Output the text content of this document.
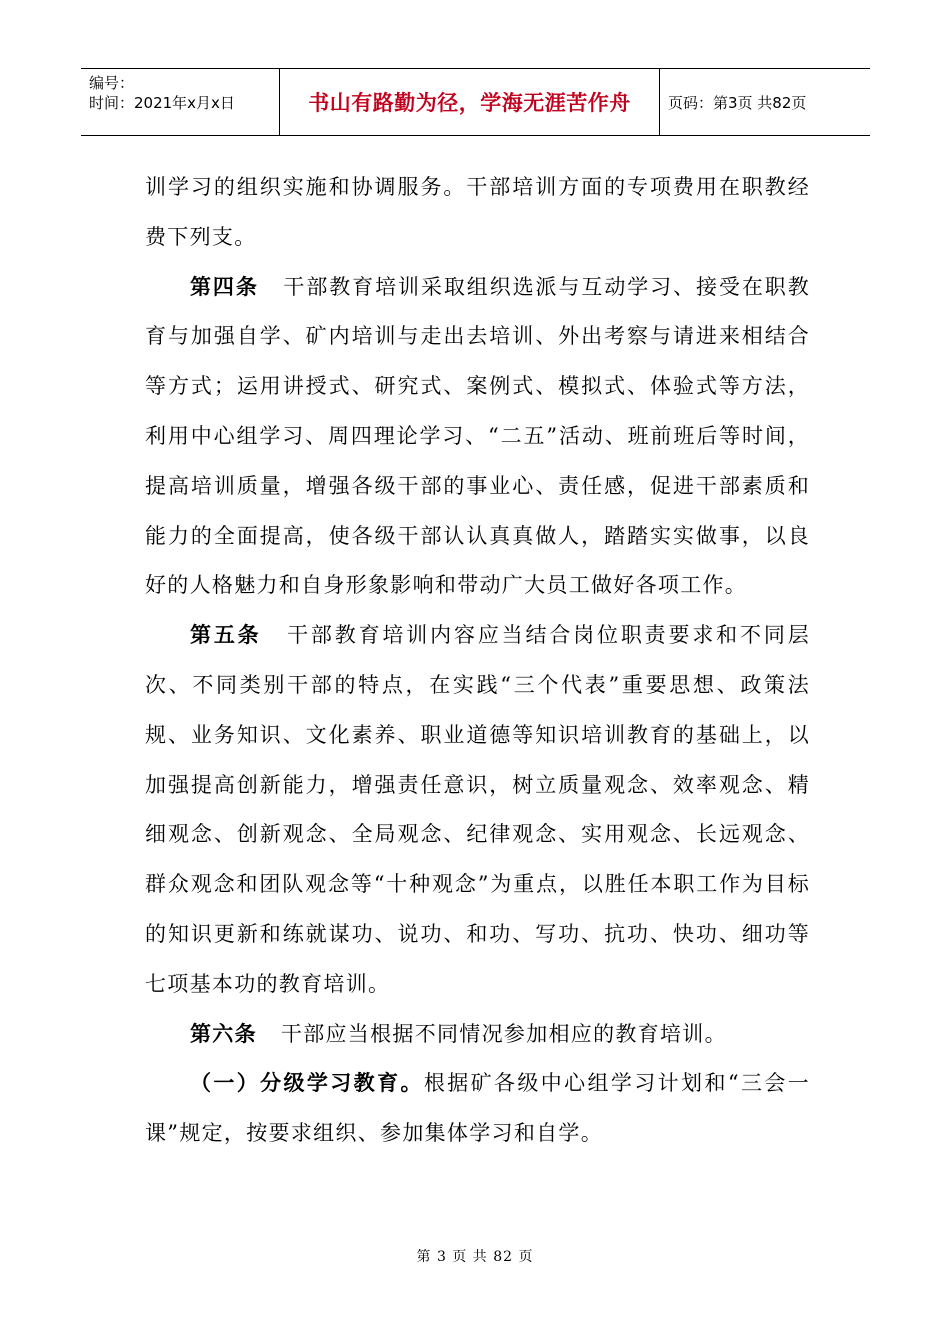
编号：
时间：2021年x月x日	书山有路勤为径，学海无涯苦作舟	页码：第3页 共82页

训学习的组织实施和协调服务。干部培训方面的专项费用在职教经费下列支。

第四条 干部教育培训采取组织选派与互动学习、接受在职教育与加强自学、矿内培训与走出去培训、外出考察与请进来相结合等方式；运用讲授式、研究式、案例式、模拟式、体验式等方法，利用中心组学习、周四理论学习、“二五”活动、班前班后等时间，提高培训质量，增强各级干部的事业心、责任感，促进干部素质和能力的全面提高，使各级干部认认真真做人，踏踏实实做事，以良好的人格魅力和自身形象影响和带动广大员工做好各项工作。

第五条 干部教育培训内容应当结合岗位职责要求和不同层次、不同类别干部的特点，在实践“三个代表”重要思想、政策法规、业务知识、文化素养、职业道德等知识培训教育的基础上，以加强提高创新能力，增强责任意识，树立质量观念、效率观念、精细观念、创新观念、全局观念、纪律观念、实用观念、长远观念、群众观念和团队观念等“十种观念”为重点，以胜任本职工作为目标的知识更新和练就谋功、说功、和功、写功、抗功、快功、细功等七项基本功的教育培训。

第六条 干部应当根据不同情况参加相应的教育培训。

（一）分级学习教育。根据矿各级中心组学习计划和“三会一课”规定，按要求组织、参加集体学习和自学。

第 3 页 共 82 页
